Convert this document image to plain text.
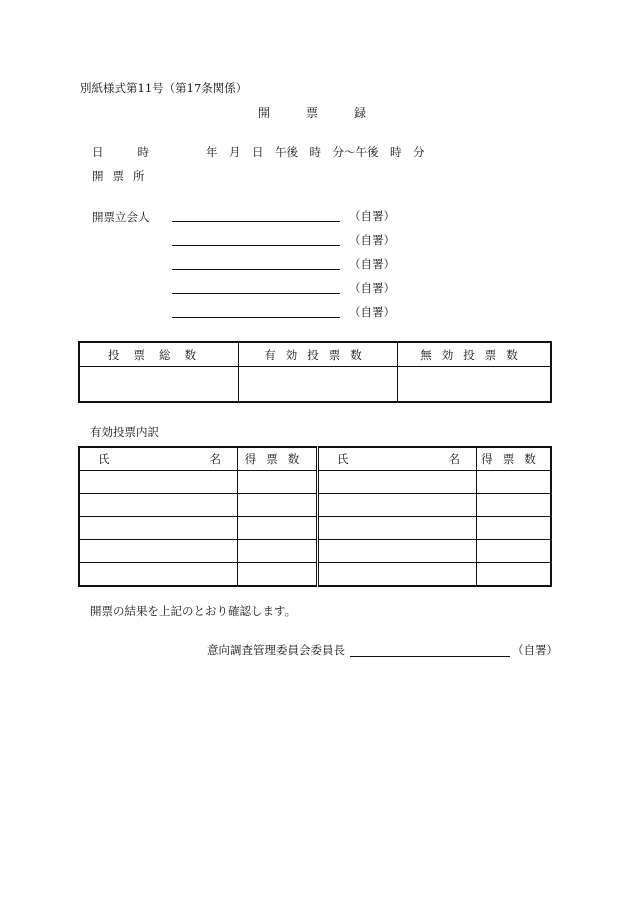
別紙様式第11号（第17条関係）
開	票	録
日	時	年　月　日　午後　時　分～午後　時　分
開票所
開票立会人	（自署）
（自署）
（自署）
（自署）
（自署）
投票総数	有効投票数	無効投票数

有効投票内訳
氏 名	得票数	氏 名	得票数

開票の結果を上記のとおり確認します。
意向調査管理委員会委員長	（自署）
